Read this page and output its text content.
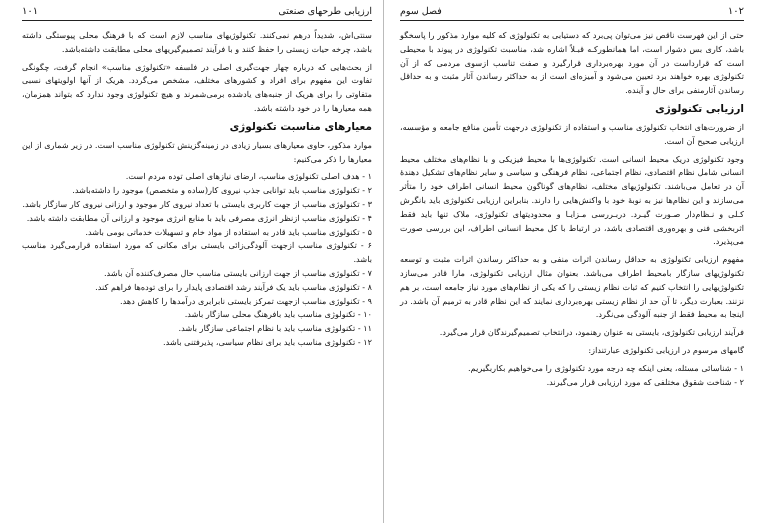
ارزیابی طرحهای صنعتی
۱۰۱

سنتی‌اش، شدیداً درهم نمی‌کنند. تکنولوژیهای مناسب لازم است که با فرهنگ محلی پیوستگی داشته باشد، چرخه حیات زیستی را حفظ کنند و با فرآیند تصمیم‌گیریهای محلی مطابقت داشته‌باشد.

از بحث‌هایی که درباره چهار جهت‌گیری اصلی در فلسفه «تکنولوژی مناسب» انجام گرفت، چگونگی تفاوت این مفهوم برای افراد و کشورهای مختلف، مشخص می‌گردد. هریک از آنها اولویتهای نسبی متفاوتی را برای هریک از جنبه‌های یادشده برمی‌شمرند و هیچ تکنولوژی وجود ندارد که بتواند همزمان، همه معیارها را در خود داشته باشد.

معیارهای مناسبت تکنولوژی

موارد مذکور، حاوی معیارهای بسیار زیادی در زمینه‌گزینش تکنولوژی مناسب است. در زیر شماری از این معیارها را ذکر می‌کنیم:

۱ - هدف اصلی تکنولوژی مناسب، ارضای نیازهای اصلی توده مردم است.
۲ - تکنولوژی مناسب باید توانایی جذب نیروی کار(ساده و متخصص) موجود را داشته‌باشد.
۳ - تکنولوژی مناسب از جهت کاربری بایستی با تعداد نیروی کار موجود و ارزانی نیروی کار سازگار باشد.
۴ - تکنولوژی مناسب ازنظر انرژی مصرفی باید با منابع انرژی موجود و ارزانی آن مطابقت داشته باشد.
۵ - تکنولوژی مناسب باید قادر به استفاده از مواد خام و تسهیلات خدماتی بومی باشد.
۶ - تکنولوژی مناسب ازجهت آلودگی‌زائی بایستی برای مکانی که مورد استفاده قرارمی‌گیرد مناسب باشد.
۷ - تکنولوژی مناسب از جهت ارزانی بایستی مناسب حال مصرف‌کننده آن باشد.
۸ - تکنولوژی مناسب باید یک فرآیند رشد اقتصادی پایدار را برای توده‌ها فراهم کند.
۹ - تکنولوژی مناسب ازجهت تمرکز بایستی نابرابری درآمدها را کاهش دهد.
۱۰ - تکنولوژی مناسب باید بافرهنگ محلی سازگار باشد.
۱۱ - تکنولوژی مناسب باید با نظام اجتماعی سازگار باشد.
۱۲ - تکنولوژی مناسب باید برای نظام سیاسی، پذیرفتنی باشد.
۱۰۲
فصل سوم

حتی از این فهرست ناقص نیز می‌توان پی‌برد که دستیابی به تکنولوژی که کلیه موارد مذکور را پاسخگو باشد، کاری بس دشوار است، اما همانطورکـه قبـلاً اشاره شد، مناسبت تکنولوژی در پیوند با محیطی است که قرارداست در آن مورد بهره‌برداری قرارگیرد و صفت تناسب ازسوی مردمی که از آن تکنولوژی بهره خواهند برد تعیین می‌شود و آمیزه‌ای است از به حداکثر رساندن آثار مثبت و به حداقل رساندن آثارمنفی برای حال و آینده.

ارزیابی تکنولوژی

از ضرورت‌های انتخاب تکنولوژی مناسب و استفاده از تکنولوژی درجهت تأمین منافع جامعه و مؤسسه، ارزیابی صحیح آن است.

وجود تکنولوژی دریک محیط انسانی است. تکنولوژی‌ها با محیط فیزیکی و با نظام‌های مختلف محیط انسانی شامل نظام اقتصادی، نظام اجتماعی، نظام فرهنگی و سیاسی و سایر نظام‌های تشکیل دهندهٔ آن در تعامل می‌باشند. تکنولوژیهای مختلف، نظام‌های گوناگون محیط انسانی اطراف خود را متأثر می‌سازند و این نظام‌ها نیز به نوبهٔ خود با واکنش‌هایی را دارند. بنابراین ارزیابی تکنولوژی باید بانگرش کـلی و نـظام‌دار صـورت گیـرد. دربـررسی مـزایـا و محدودیتهای تکنولوژی، ملاک تنها باید فقط اثربخشی فنی و بهره‌وری اقتصادی باشد، در ارتباط با کل محیط انسانی اطراف، این بررسی صورت می‌پذیرد.

مفهوم ارزیابی تکنولوژی به حداقل رساندن اثرات منفی و به حداکثر رساندن اثرات مثبت و توسعه تکنولوژیهای سازگار بامحیط اطراف می‌باشد. بعنوان مثال ارزیابی تکنولوژی، مارا قادر می‌سازد تکنولوژیهایی را انتخاب کنیم که ثبات نظام زیستی را که یکی از نظام‌های مورد نیاز جامعه است، بر هم نزنند. بعبارت دیگر، تا آن حد از نظام زیستی بهره‌برداری نمایند که این نظام قادر به ترمیم آن باشد. در اینجا به محیط فقط از جنبه آلودگی می‌نگرد.

فرآیند ارزیابی تکنولوژی، بایستی به عنوان رهنمود، درانتخاب تصمیم‌گیرندگان قرار می‌گیرد.

گامهای مرسوم در ارزیابی تکنولوژی عبارتنداز:

۱ - شناسائی مسئله، یعنی اینکه چه درجه مورد تکنولوژی را می‌خواهیم بکاربگیریم.
۲ - شناخت شقوق مختلفی که مورد ارزیابی قرار می‌گیرند.
